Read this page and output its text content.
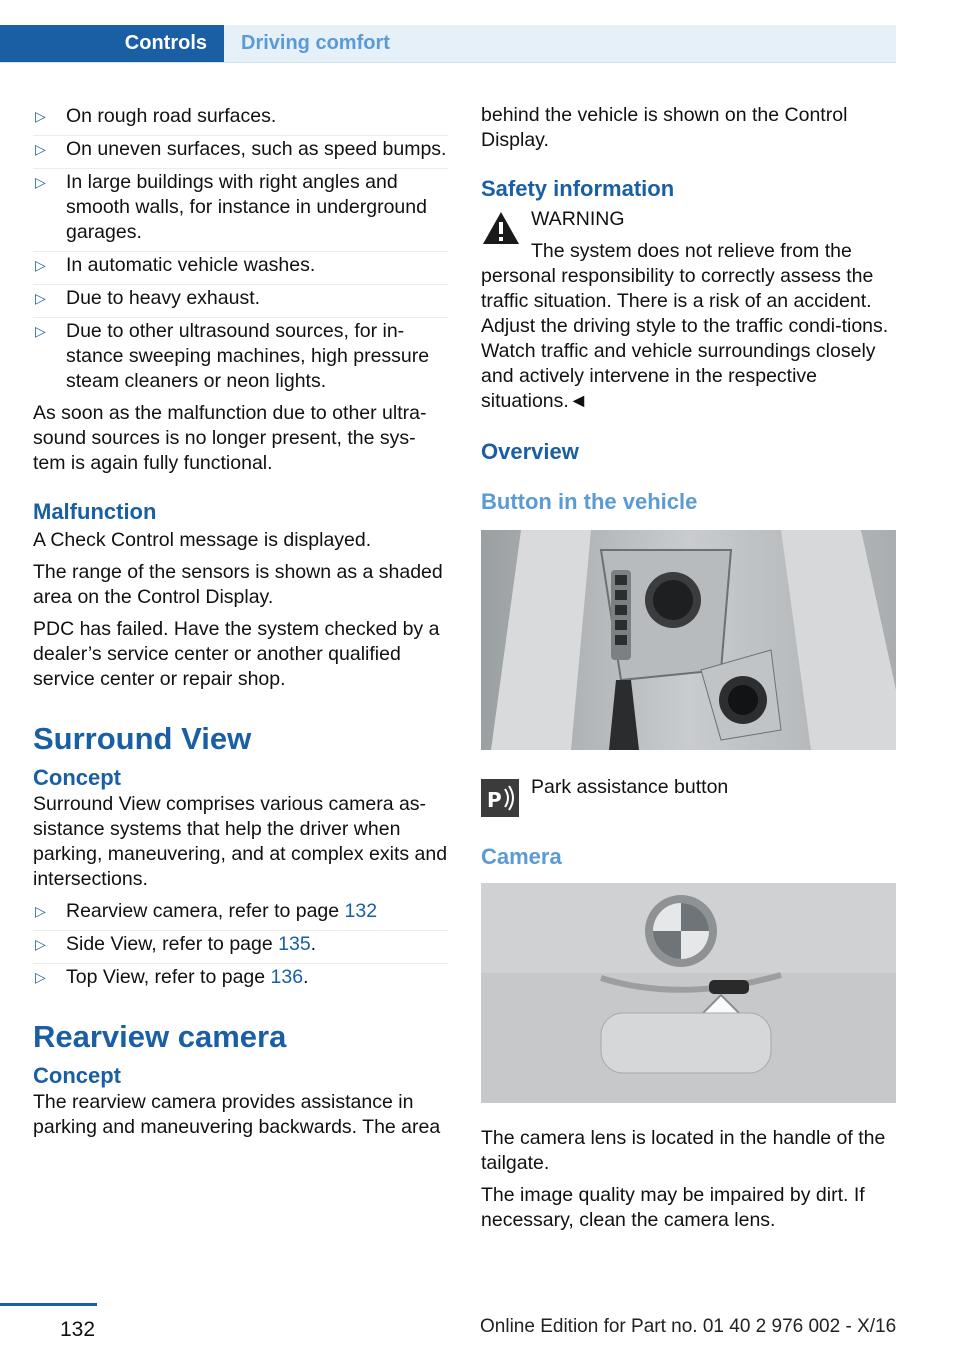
Controls	Driving comfort
▷ On rough road surfaces.
▷ On uneven surfaces, such as speed bumps.
▷ In large buildings with right angles and smooth walls, for instance in underground garages.
▷ In automatic vehicle washes.
▷ Due to heavy exhaust.
▷ Due to other ultrasound sources, for in‐stance sweeping machines, high pressure steam cleaners or neon lights.

As soon as the malfunction due to other ultra‐sound sources is no longer present, the sys‐tem is again fully functional.

Malfunction

A Check Control message is displayed.

The range of the sensors is shown as a shaded area on the Control Display.

PDC has failed. Have the system checked by a dealer’s service center or another qualified service center or repair shop.

Surround View
Concept

Surround View comprises various camera as‐sistance systems that help the driver when parking, maneuvering, and at complex exits and intersections.

▷ Rearview camera, refer to page 132
▷ Side View, refer to page 135.
▷ Top View, refer to page 136.
Rearview camera
Concept

The rearview camera provides assistance in parking and maneuvering backwards. The area

behind the vehicle is shown on the Control Display.

Safety information
WARNING
The system does not relieve from the

personal responsibility to correctly assess the traffic situation. There is a risk of an accident. Adjust the driving style to the traffic condi‐tions. Watch traffic and vehicle surroundings closely and actively intervene in the respective situations.◄

Overview
Button in the vehicle
P
Park assistance button
Camera

The camera lens is located in the handle of the tailgate.

The image quality may be impaired by dirt. If necessary, clean the camera lens.

132	Online Edition for Part no. 01 40 2 976 002 - X/16
